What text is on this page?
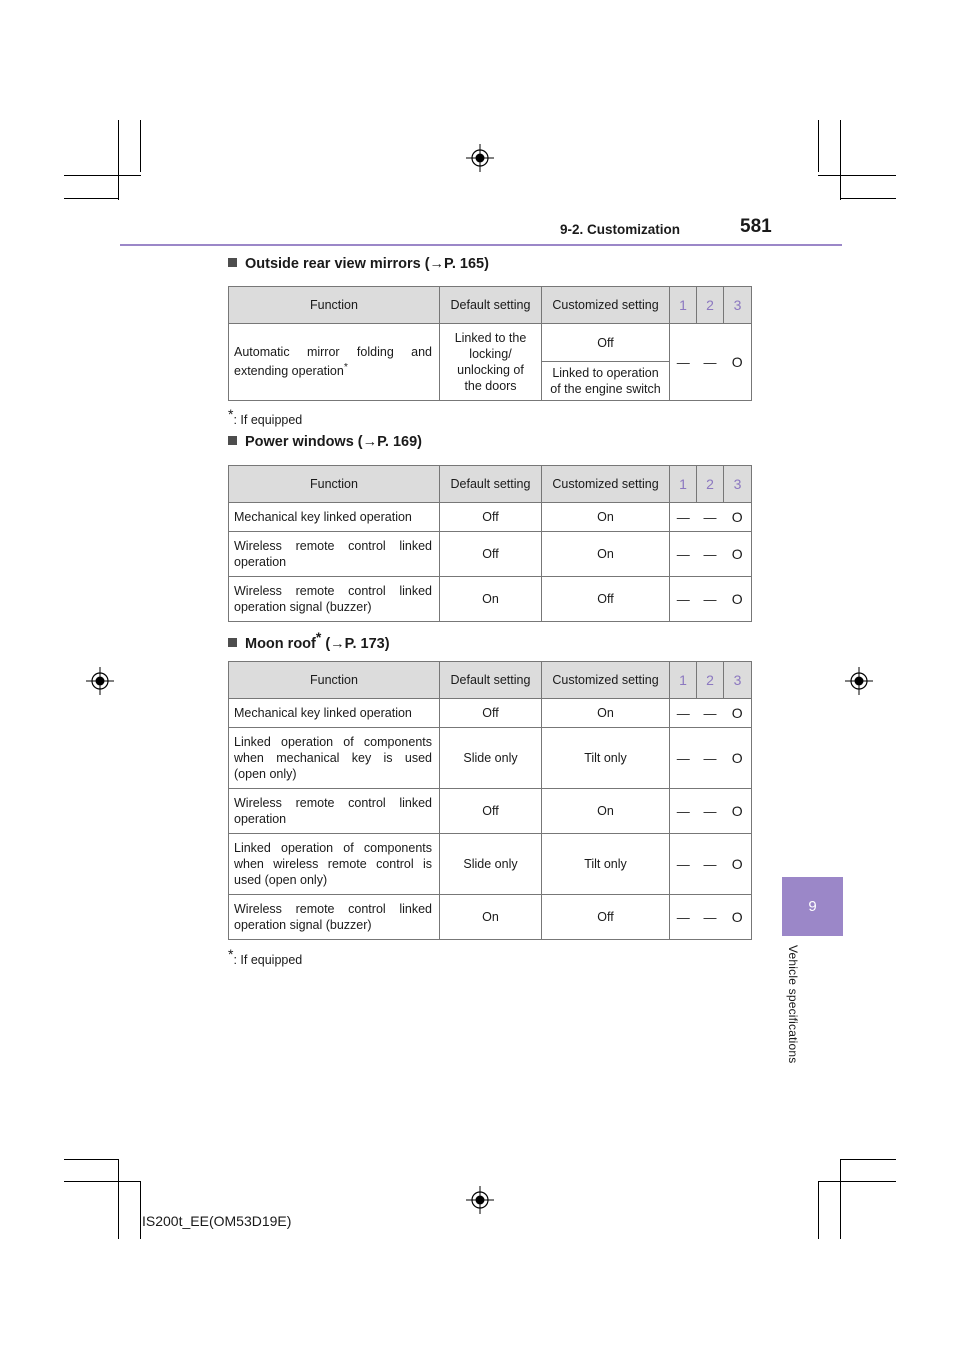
9-2. Customization	581
Outside rear view mirrors (→P. 165)
Function	Default setting	Customized setting	1	2	3
Automatic mirror folding and extending operation*	Linked to the locking/ unlocking of the doors	Off	—	—	O
		Linked to operation of the engine switch			
*: If equipped
Power windows (→P. 169)
Function	Default setting	Customized setting	1	2	3
Mechanical key linked operation	Off	On	—	—	O
Wireless remote control linked operation	Off	On	—	—	O
Wireless remote control linked operation signal (buzzer)	On	Off	—	—	O
Moon roof* (→P. 173)
Function	Default setting	Customized setting	1	2	3
Mechanical key linked operation	Off	On	—	—	O
Linked operation of components when mechanical key is used (open only)	Slide only	Tilt only	—	—	O
Wireless remote control linked operation	Off	On	—	—	O
Linked operation of components when wireless remote control is used (open only)	Slide only	Tilt only	—	—	O
Wireless remote control linked operation signal (buzzer)	On	Off	—	—	O
*: If equipped
9
Vehicle specifications
IS200t_EE(OM53D19E)
